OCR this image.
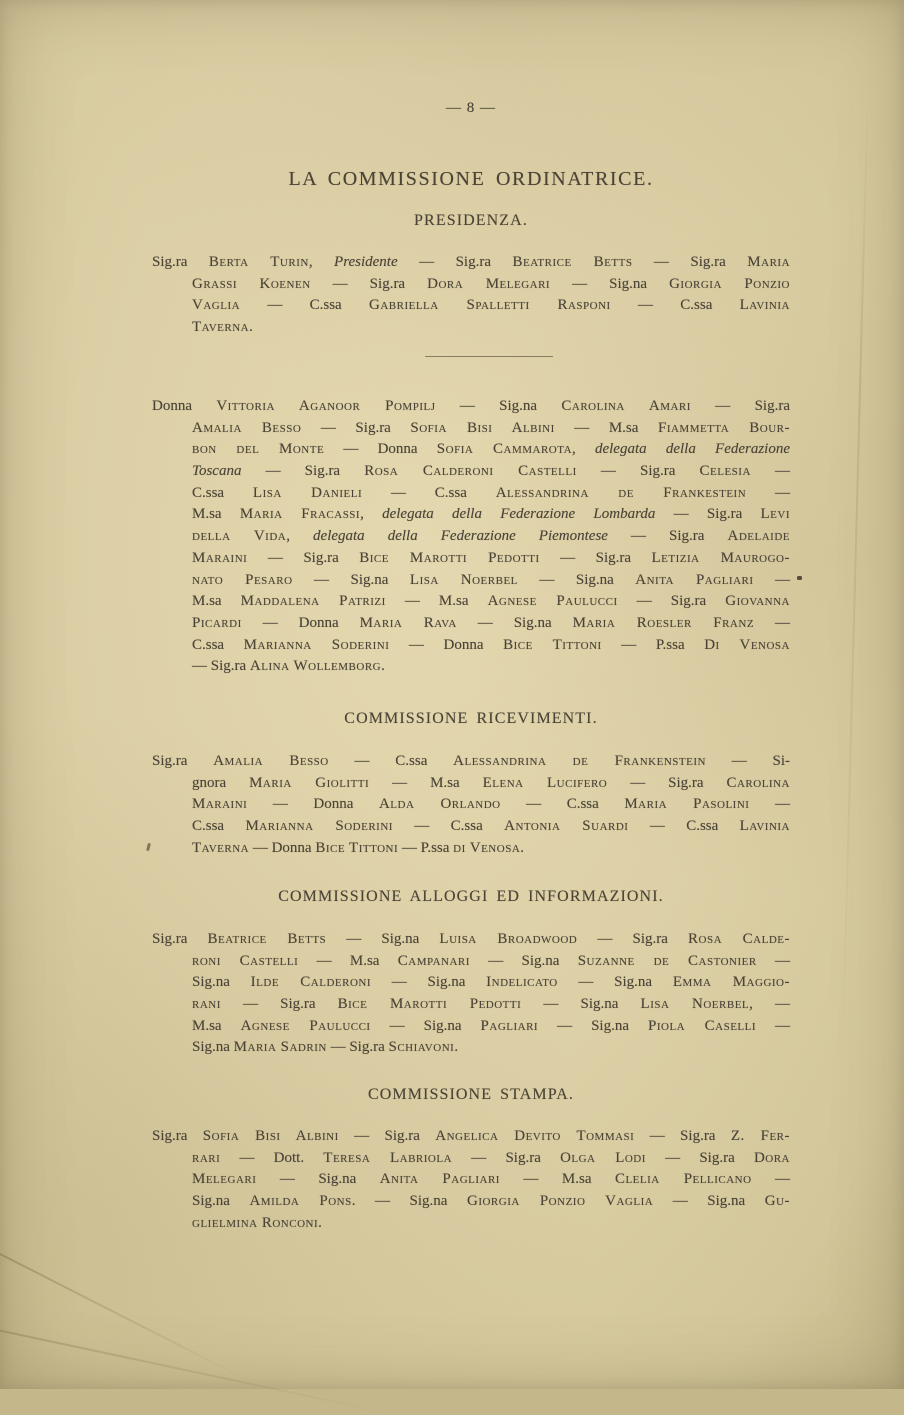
— 8 —
LA COMMISSIONE ORDINATRICE.
PRESIDENZA.
Sig.ra Berta Turin, Presidente — Sig.ra Beatrice Betts — Sig.ra Maria
Grassi Koenen — Sig.ra Dora Melegari — Sig.na Giorgia Ponzio
Vaglia — C.ssa Gabriella Spalletti Rasponi — C.ssa Lavinia
Taverna.
Donna Vittoria Aganoor Pompilj — Sig.na Carolina Amari — Sig.ra
Amalia Besso — Sig.ra Sofia Bisi Albini — M.sa Fiammetta Bour-
bon del Monte — Donna Sofia Cammarota, delegata della Federazione
Toscana — Sig.ra Rosa Calderoni Castelli — Sig.ra Celesia —
C.ssa Lisa Danieli — C.ssa Alessandrina de Frankestein —
M.sa Maria Fracassi, delegata della Federazione Lombarda — Sig.ra Levi
della Vida, delegata della Federazione Piemontese — Sig.ra Adelaide
Maraini — Sig.ra Bice Marotti Pedotti — Sig.ra Letizia Maurogo-
nato Pesaro — Sig.na Lisa Noerbel — Sig.na Anita Pagliari —
M.sa Maddalena Patrizi — M.sa Agnese Paulucci — Sig.ra Giovanna
Picardi — Donna Maria Rava — Sig.na Maria Roesler Franz —
C.ssa Marianna Soderini — Donna Bice Tittoni — P.ssa Di Venosa
— Sig.ra Alina Wollemborg.
COMMISSIONE RICEVIMENTI.
Sig.ra Amalia Besso — C.ssa Alessandrina de Frankenstein — Si-
gnora Maria Giolitti — M.sa Elena Lucifero — Sig.ra Carolina
Maraini — Donna Alda Orlando — C.ssa Maria Pasolini —
C.ssa Marianna Soderini — C.ssa Antonia Suardi — C.ssa Lavinia
Taverna — Donna Bice Tittoni — P.ssa di Venosa.
COMMISSIONE ALLOGGI ED INFORMAZIONI.
Sig.ra Beatrice Betts — Sig.na Luisa Broadwood — Sig.ra Rosa Calde-
roni Castelli — M.sa Campanari — Sig.na Suzanne de Castonier —
Sig.na Ilde Calderoni — Sig.na Indelicato — Sig.na Emma Maggio-
rani — Sig.ra Bice Marotti Pedotti — Sig.na Lisa Noerbel, —
M.sa Agnese Paulucci — Sig.na Pagliari — Sig.na Piola Caselli —
Sig.na Maria Sadrin — Sig.ra Schiavoni.
COMMISSIONE STAMPA.
Sig.ra Sofia Bisi Albini — Sig.ra Angelica Devito Tommasi — Sig.ra Z. Fer-
rari — Dott. Teresa Labriola — Sig.ra Olga Lodi — Sig.ra Dora
Melegari — Sig.na Anita Pagliari — M.sa Clelia Pellicano —
Sig.na Amilda Pons. — Sig.na Giorgia Ponzio Vaglia — Sig.na Gu-
glielmina Ronconi.
